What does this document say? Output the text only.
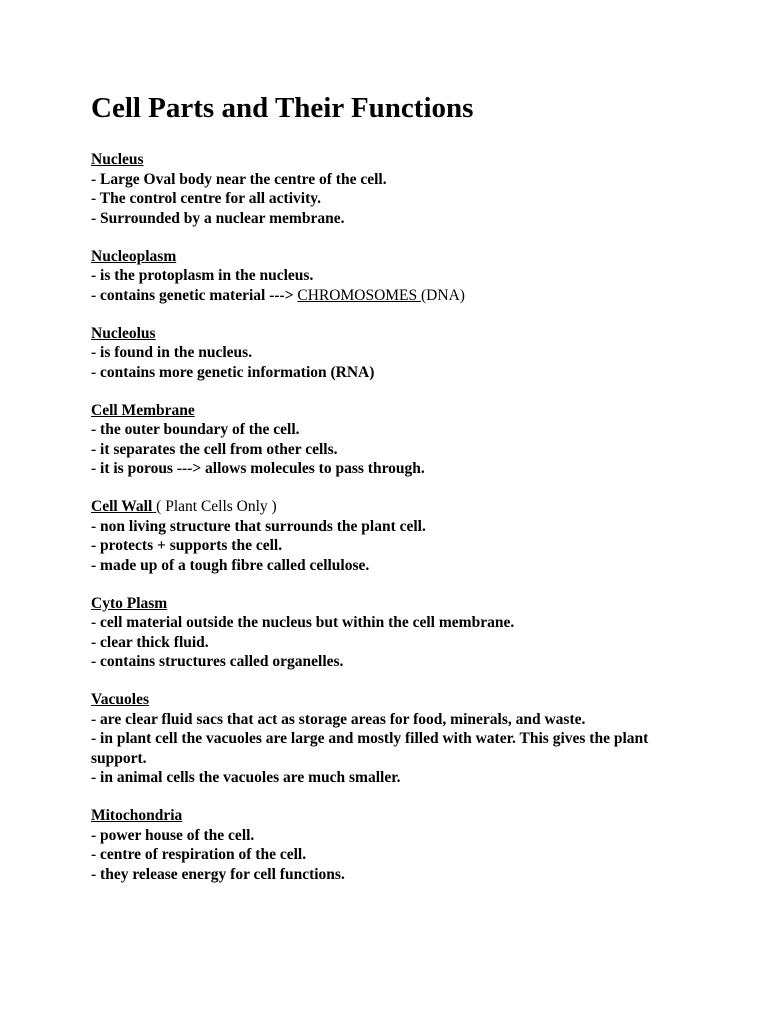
Cell Parts and Their Functions
Nucleus
- Large Oval body near the centre of the cell.
- The control centre for all activity.
- Surrounded by a nuclear membrane.
Nucleoplasm
- is the protoplasm in the nucleus.
- contains genetic material ---> CHROMOSOMES (DNA)
Nucleolus
- is found in the nucleus.
- contains more genetic information (RNA)
Cell Membrane
- the outer boundary of the cell.
- it separates the cell from other cells.
- it is porous ---> allows molecules to pass through.
Cell Wall ( Plant Cells Only )
- non living structure that surrounds the plant cell.
- protects + supports the cell.
- made up of a tough fibre called cellulose.
Cyto Plasm
- cell material outside the nucleus but within the cell membrane.
- clear thick fluid.
- contains structures called organelles.
Vacuoles
- are clear fluid sacs that act as storage areas for food, minerals, and waste.
- in plant cell the vacuoles are large and mostly filled with water. This gives the plant support.
- in animal cells the vacuoles are much smaller.
Mitochondria
- power house of the cell.
- centre of respiration of the cell.
- they release energy for cell functions.
